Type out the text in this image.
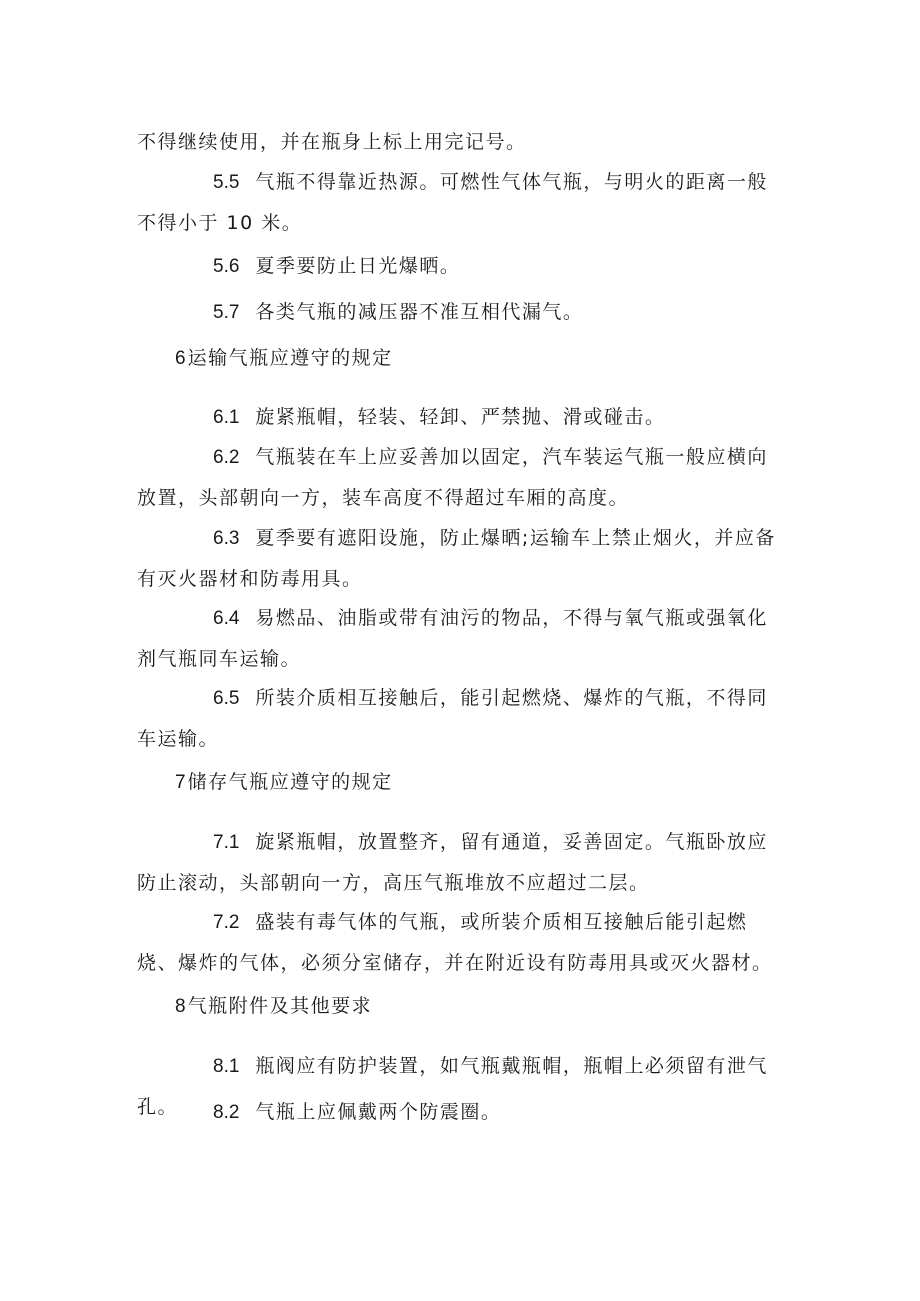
不得继续使用，并在瓶身上标上用完记号。

5.5 气瓶不得靠近热源。可燃性气体气瓶，与明火的距离一般不得小于 10 米。

5.6 夏季要防止日光爆晒。

5.7 各类气瓶的减压器不准互相代漏气。

6 运输气瓶应遵守的规定

6.1 旋紧瓶帽，轻装、轻卸、严禁抛、滑或碰击。

6.2 气瓶装在车上应妥善加以固定，汽车装运气瓶一般应横向放置，头部朝向一方，装车高度不得超过车厢的高度。

6.3 夏季要有遮阳设施，防止爆晒;运输车上禁止烟火，并应备有灭火器材和防毒用具。

6.4 易燃品、油脂或带有油污的物品，不得与氧气瓶或强氧化剂气瓶同车运输。

6.5 所装介质相互接触后，能引起燃烧、爆炸的气瓶，不得同车运输。

7 储存气瓶应遵守的规定

7.1 旋紧瓶帽，放置整齐，留有通道，妥善固定。气瓶卧放应防止滚动，头部朝向一方，高压气瓶堆放不应超过二层。

7.2 盛装有毒气体的气瓶，或所装介质相互接触后能引起燃烧、爆炸的气体，必须分室储存，并在附近设有防毒用具或灭火器材。

8 气瓶附件及其他要求

8.1 瓶阀应有防护装置，如气瓶戴瓶帽，瓶帽上必须留有泄气孔。	8.2 气瓶上应佩戴两个防震圈。
